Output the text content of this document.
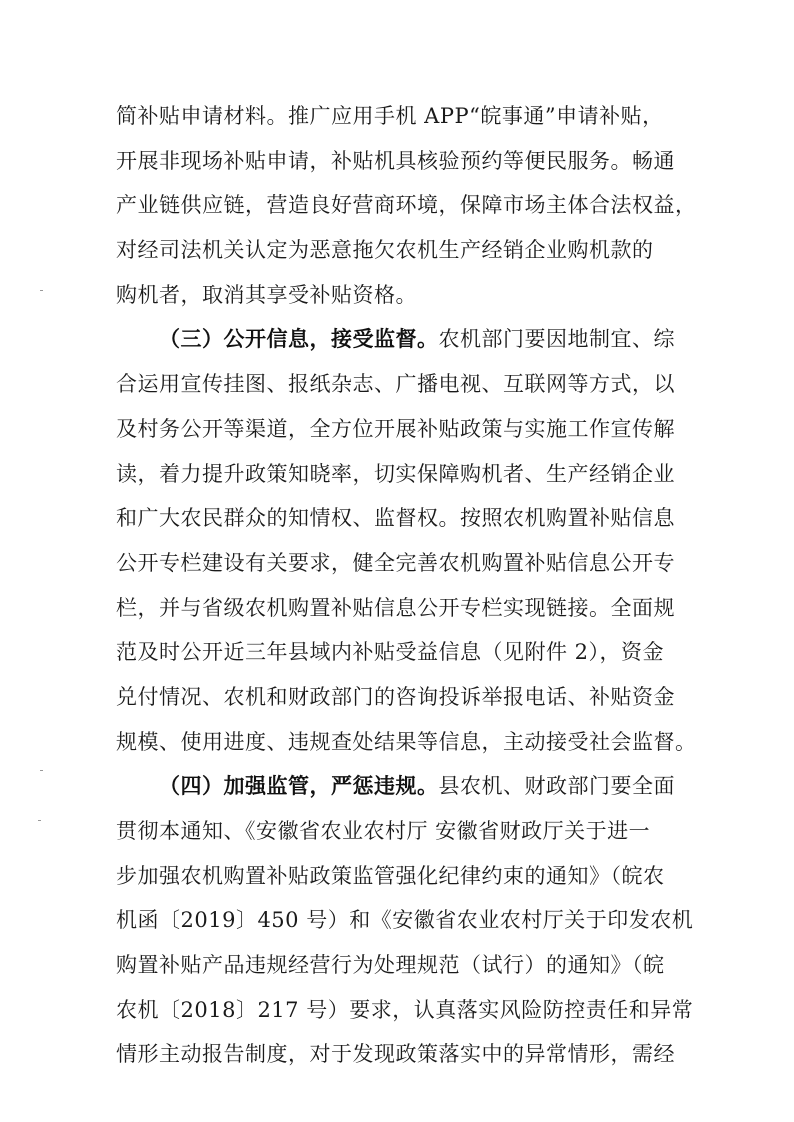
简补贴申请材料。推广应用手机 APP“皖事通”申请补贴，
开展非现场补贴申请，补贴机具核验预约等便民服务。畅通
产业链供应链，营造良好营商环境，保障市场主体合法权益，
对经司法机关认定为恶意拖欠农机生产经销企业购机款的
购机者，取消其享受补贴资格。
（三）公开信息，接受监督。农机部门要因地制宜、综
合运用宣传挂图、报纸杂志、广播电视、互联网等方式，以
及村务公开等渠道，全方位开展补贴政策与实施工作宣传解
读，着力提升政策知晓率，切实保障购机者、生产经销企业
和广大农民群众的知情权、监督权。按照农机购置补贴信息
公开专栏建设有关要求，健全完善农机购置补贴信息公开专
栏，并与省级农机购置补贴信息公开专栏实现链接。全面规
范及时公开近三年县域内补贴受益信息（见附件 2），资金
兑付情况、农机和财政部门的咨询投诉举报电话、补贴资金
规模、使用进度、违规查处结果等信息，主动接受社会监督。
（四）加强监管，严惩违规。县农机、财政部门要全面
贯彻本通知、《安徽省农业农村厅 安徽省财政厅关于进一
步加强农机购置补贴政策监管强化纪律约束的通知》（皖农
机函〔2019〕450 号）和《安徽省农业农村厅关于印发农机
购置补贴产品违规经营行为处理规范（试行）的通知》（皖
农机〔2018〕217 号）要求，认真落实风险防控责任和异常
情形主动报告制度，对于发现政策落实中的异常情形，需经
